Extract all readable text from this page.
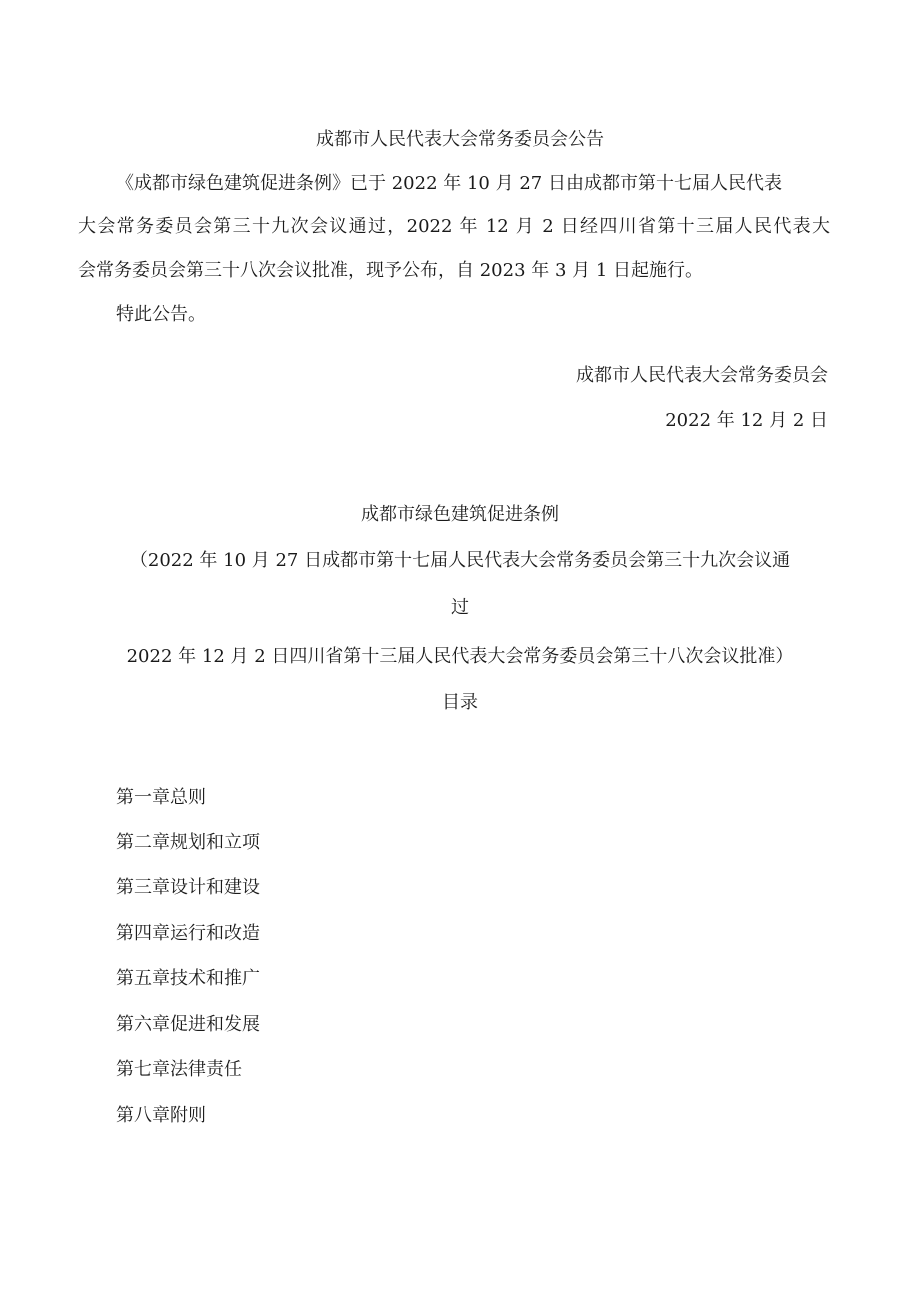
成都市人民代表大会常务委员会公告
《成都市绿色建筑促进条例》已于 2022 年 10 月 27 日由成都市第十七届人民代表
大会常务委员会第三十九次会议通过，2022 年 12 月 2 日经四川省第十三届人民代表大
会常务委员会第三十八次会议批准，现予公布，自 2023 年 3 月 1 日起施行。
特此公告。
成都市人民代表大会常务委员会
2022 年 12 月 2 日
成都市绿色建筑促进条例
（2022 年 10 月 27 日成都市第十七届人民代表大会常务委员会第三十九次会议通
过
2022 年 12 月 2 日四川省第十三届人民代表大会常务委员会第三十八次会议批准）
目录
第一章总则
第二章规划和立项
第三章设计和建设
第四章运行和改造
第五章技术和推广
第六章促进和发展
第七章法律责任
第八章附则
